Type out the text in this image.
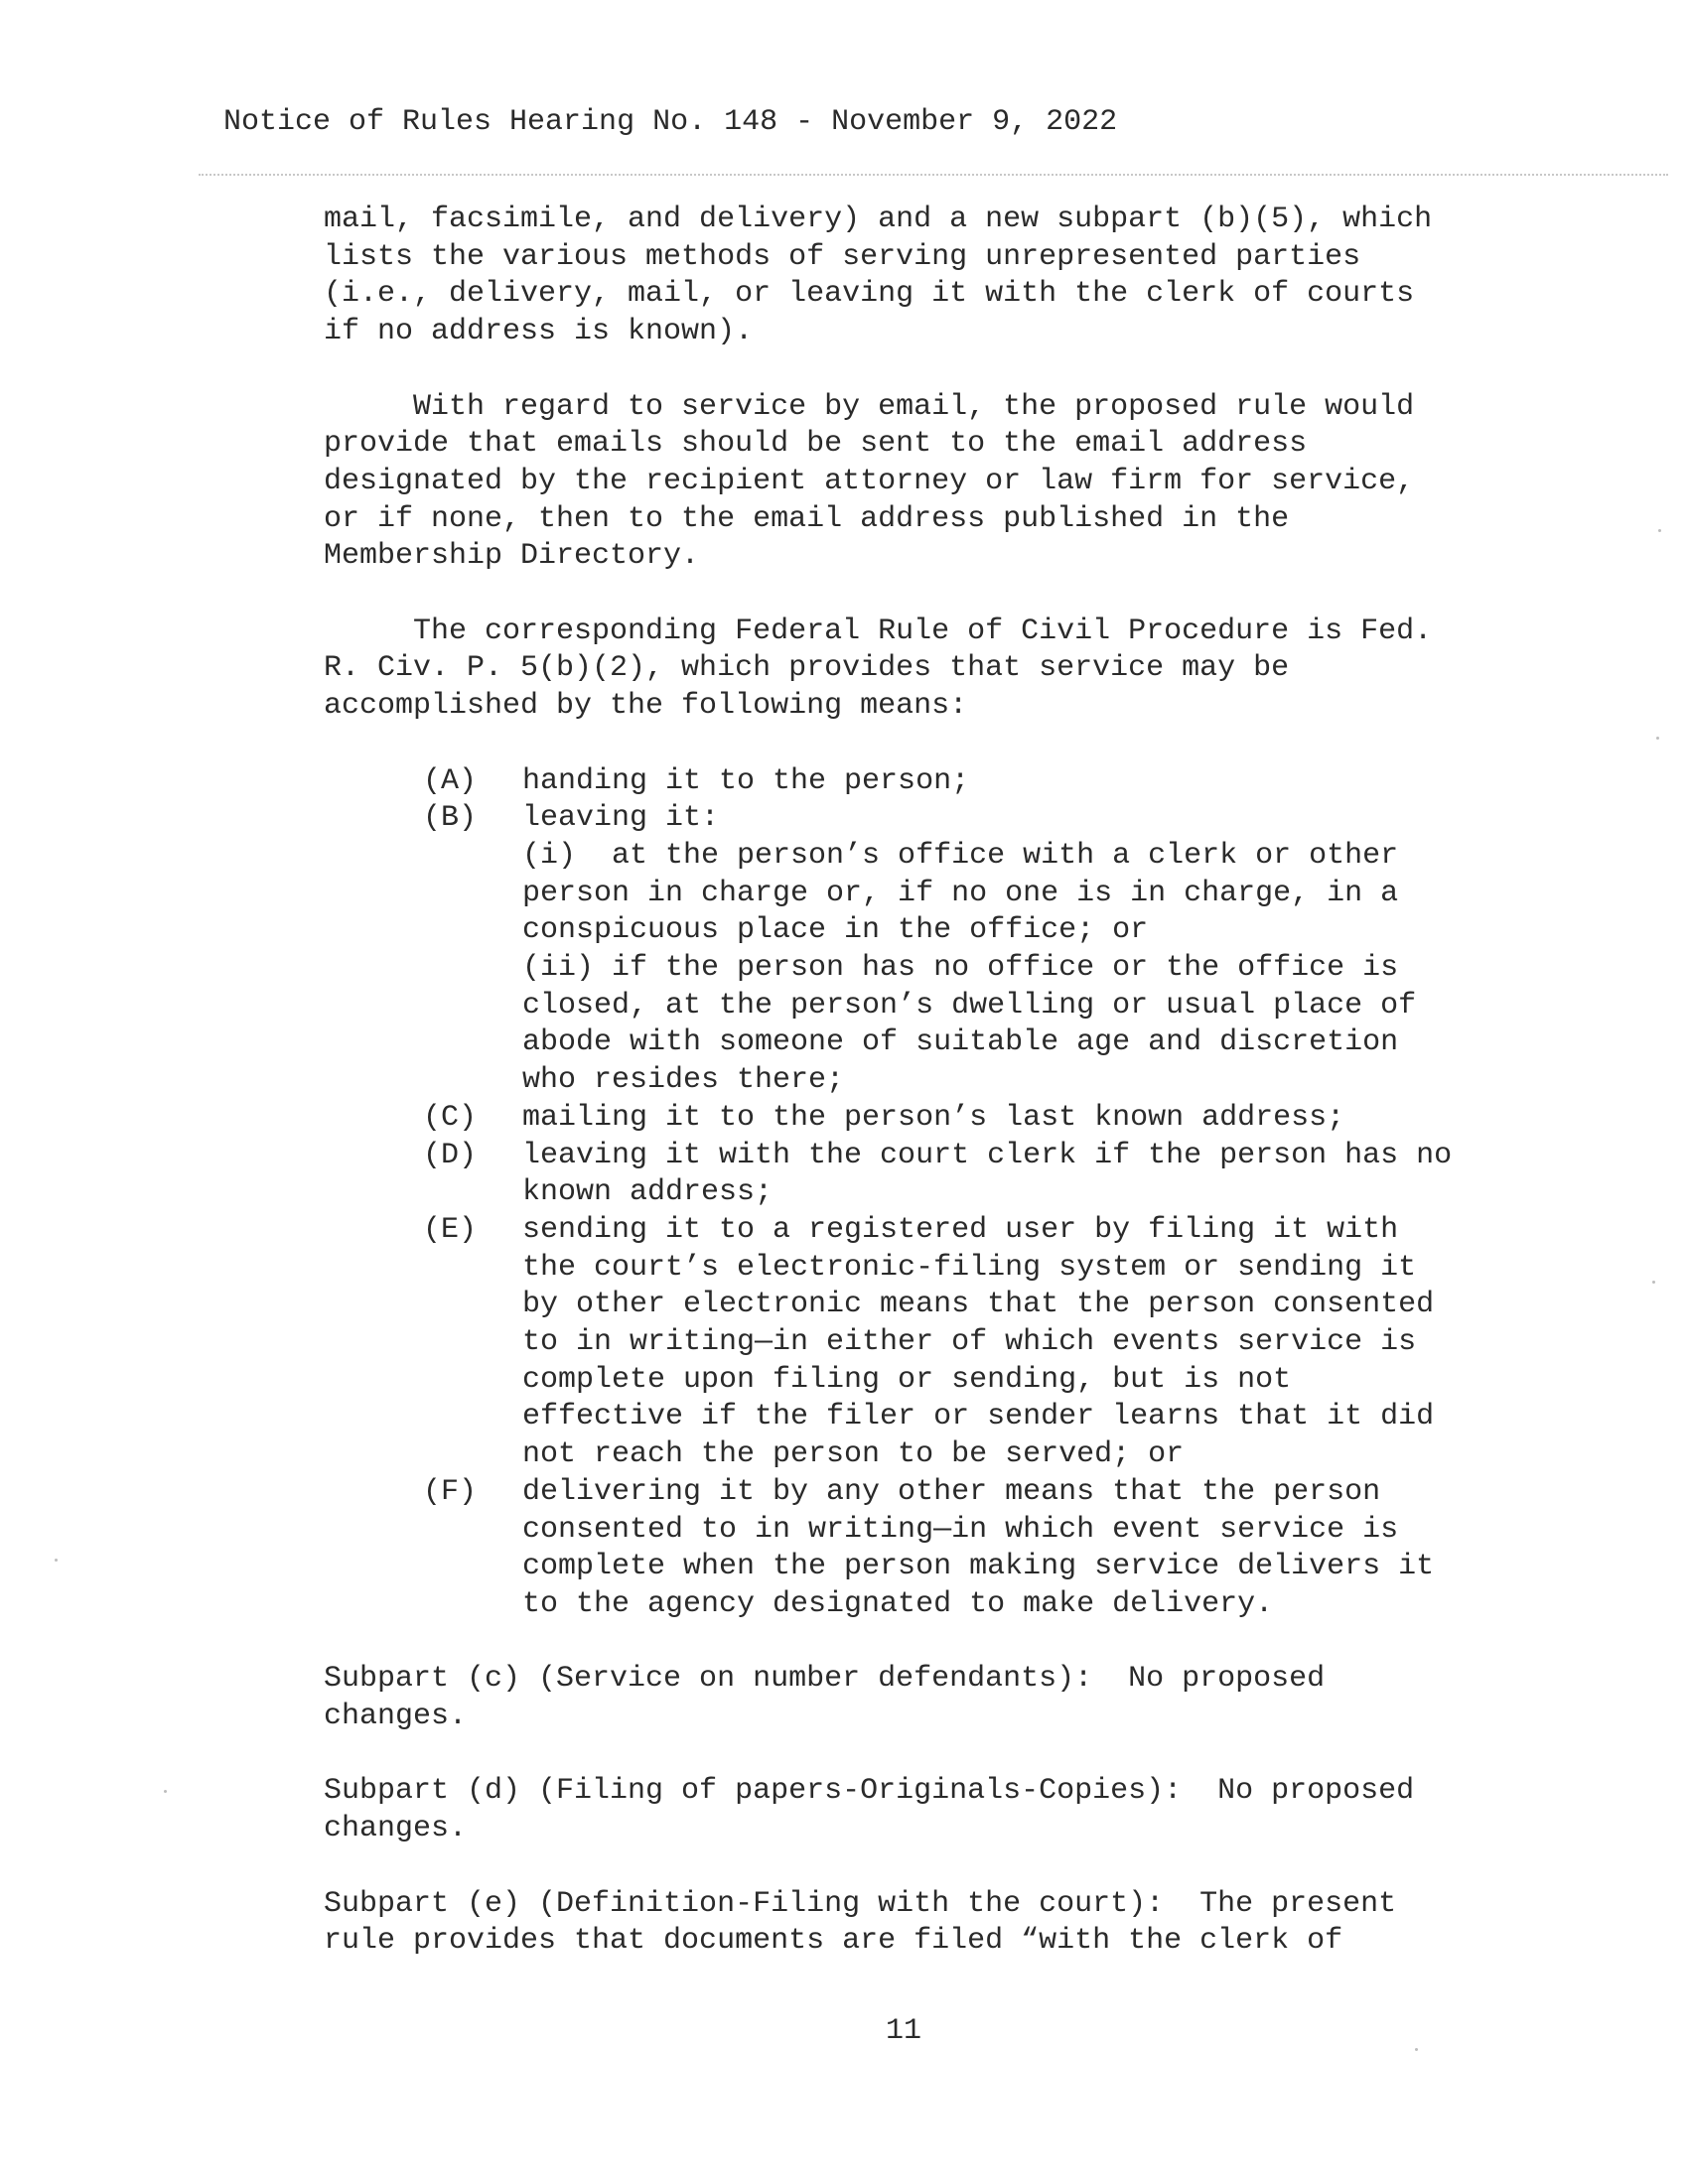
Notice of Rules Hearing No. 148 - November 9, 2022

mail, facsimile, and delivery) and a new subpart (b)(5), which
lists the various methods of serving unrepresented parties
(i.e., delivery, mail, or leaving it with the clerk of courts
if no address is known).

With regard to service by email, the proposed rule would
provide that emails should be sent to the email address
designated by the recipient attorney or law firm for service,
or if none, then to the email address published in the
Membership Directory.

The corresponding Federal Rule of Civil Procedure is Fed.
R. Civ. P. 5(b)(2), which provides that service may be
accomplished by the following means:

(A)	handing it to the person;
(B)	leaving it:
(i)  at the person’s office with a clerk or other
person in charge or, if no one is in charge, in a
conspicuous place in the office; or
(ii) if the person has no office or the office is
closed, at the person’s dwelling or usual place of
abode with someone of suitable age and discretion
who resides there;
(C)	mailing it to the person’s last known address;
(D)	leaving it with the court clerk if the person has no
known address;
(E)	sending it to a registered user by filing it with
the court’s electronic-filing system or sending it
by other electronic means that the person consented
to in writing—in either of which events service is
complete upon filing or sending, but is not
effective if the filer or sender learns that it did
not reach the person to be served; or
(F)	delivering it by any other means that the person
consented to in writing—in which event service is
complete when the person making service delivers it
to the agency designated to make delivery.

Subpart (c) (Service on number defendants):  No proposed
changes.

Subpart (d) (Filing of papers-Originals-Copies):  No proposed
changes.

Subpart (e) (Definition-Filing with the court):  The present
rule provides that documents are filed “with the clerk of

11
